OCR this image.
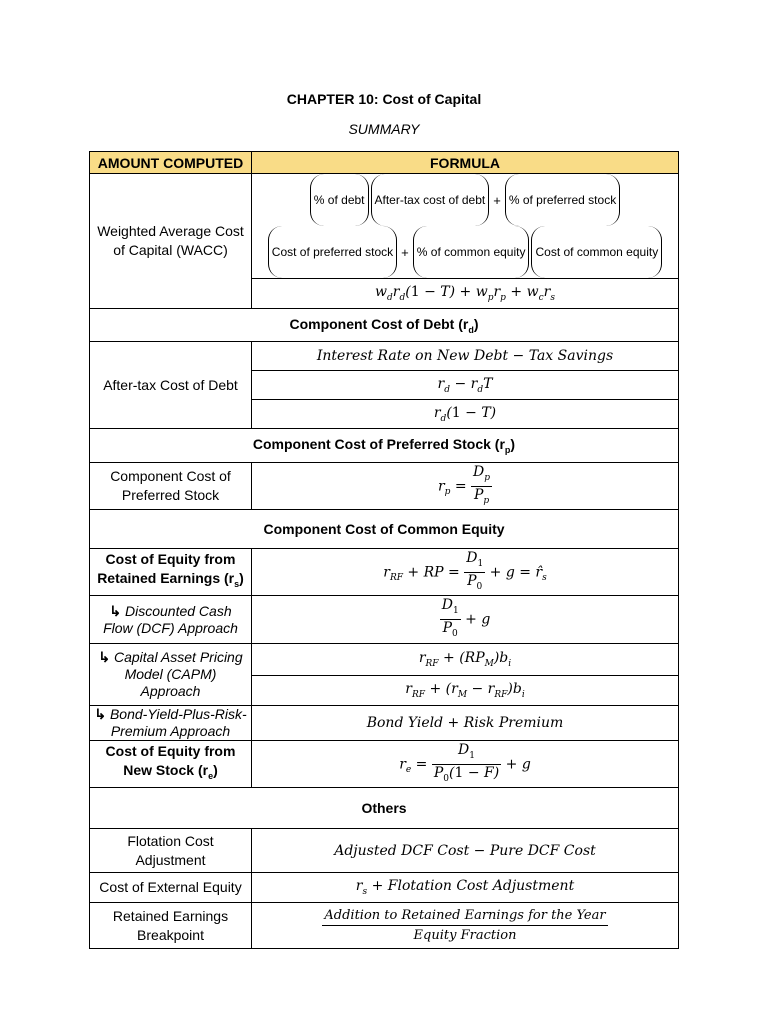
CHAPTER 10: Cost of Capital
SUMMARY
AMOUNT COMPUTED	FORMULA
Weighted Average Cost of Capital (WACC)	% of debt After-tax cost of debt + % of preferred stockCost of preferred stock + % of common equity Cost of common equity
	$w_dr_d(1 - T) + w_pr_p + w_cr_s$
Component Cost of Debt $(r_d)$	
After-tax Cost of Debt	Interest Rate on New Debt − Tax Savings
	$r_d - r_dT$
	$r_d(1 - T)$
Component Cost of Preferred Stock $(r_p)$	
Component Cost of Preferred Stock	$r_p = \frac{D_p}{P_p}$

Component Cost of Common Equity	
Cost of Equity from
Retained Earnings $(r_s)$	$r_{RF}$ + RP = $\frac{D_1}{P_0} + g$ = $r̂_s$
↳ Discounted Cash Flow (DCF) Approach	$\frac{D_1}{P_0} + g$
↳ Capital Asset Pricing Model (CAPM) Approach	$r_{RF} + (RP_M)b_i$
	$r_{RF} + (r_M - r_{RF})b_i$
↳ Bond-Yield-Plus-Risk-Premium Approach	Bond Yield + Risk Premium
Cost of Equity from
New Stock $(r_e)$	$r_e = \frac{D_1}{P_0(1 - F)} + g$
Others	
Flotation Cost Adjustment	Adjusted DCF Cost − Pure DCF Cost
Cost of External Equity	$r_s$ + Flotation Cost Adjustment
Retained Earnings Breakpoint	$\frac{\text{Addition to Retained Earnings for the Year}}{\text{Equity Fraction}}$
